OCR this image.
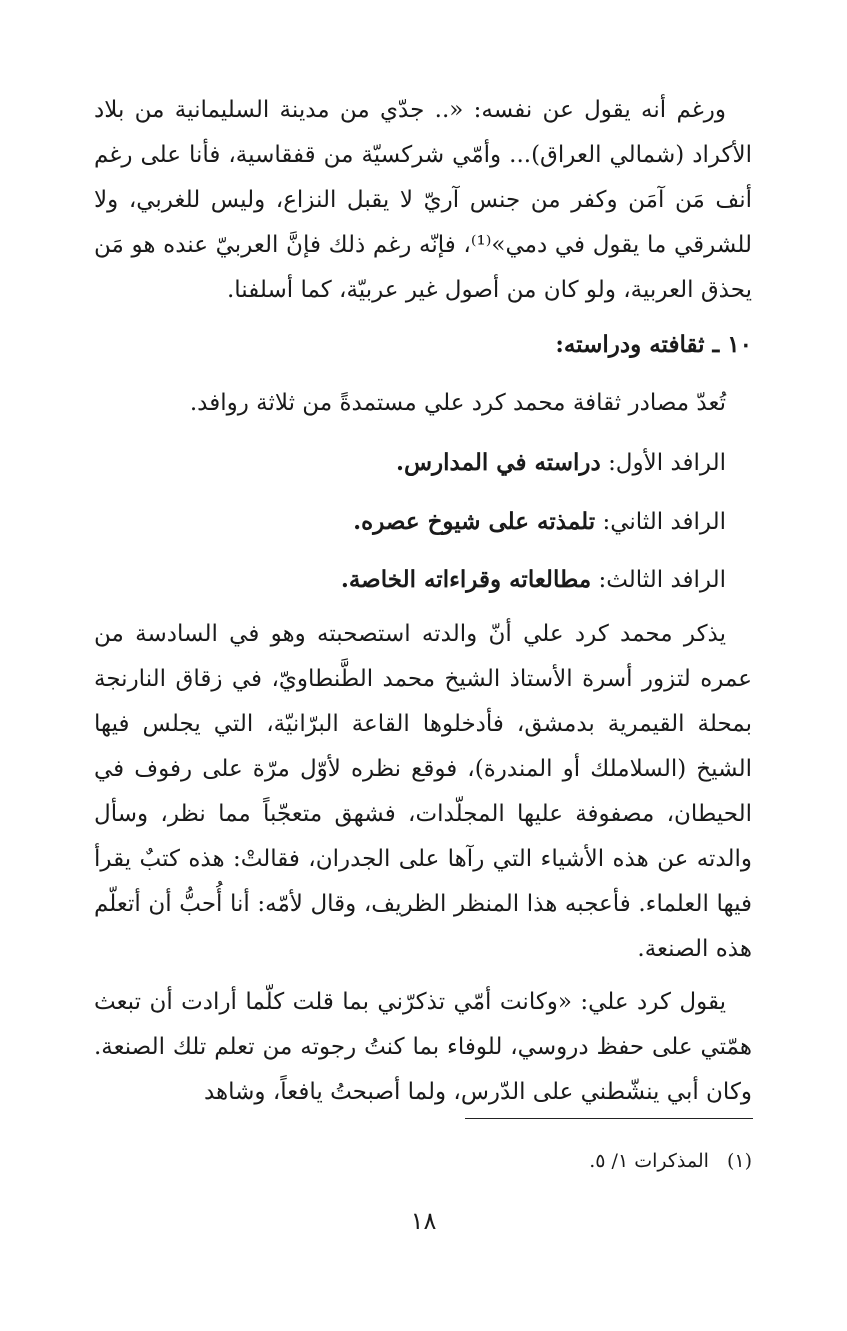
ورغم أنه يقول عن نفسه: «.. جدّي من مدينة السليمانية من بلاد الأكراد (شمالي العراق)... وأمّي شركسيّة من قفقاسية، فأنا على رغم أنف مَن آمَن وكفر من جنس آريّ لا يقبل النزاع، وليس للغربي، ولا للشرقي ما يقول في دمي»⁽¹⁾، فإنّه رغم ذلك فإنَّ العربيّ عنده هو مَن يحذق العربية، ولو كان من أصول غير عربيّة، كما أسلفنا.

١٠ ـ ثقافته ودراسته:

تُعدّ مصادر ثقافة محمد كرد علي مستمدةً من ثلاثة روافد.

الرافد الأول: دراسته في المدارس.

الرافد الثاني: تلمذته على شيوخ عصره.

الرافد الثالث: مطالعاته وقراءاته الخاصة.

يذكر محمد كرد علي أنّ والدته استصحبته وهو في السادسة من عمره لتزور أسرة الأستاذ الشيخ محمد الطَّنطاويّ، في زقاق النارنجة بمحلة القيمرية بدمشق، فأدخلوها القاعة البرّانيّة، التي يجلس فيها الشيخ (السلاملك أو المندرة)، فوقع نظره لأوّل مرّة على رفوف في الحيطان، مصفوفة عليها المجلّدات، فشهق متعجّباً مما نظر، وسأل والدته عن هذه الأشياء التي رآها على الجدران، فقالتْ: هذه كتبٌ يقرأ فيها العلماء. فأعجبه هذا المنظر الظريف، وقال لأمّه: أنا أُحبُّ أن أتعلّم هذه الصنعة.

يقول كرد علي: «وكانت أمّي تذكرّني بما قلت كلّما أرادت أن تبعث همّتي على حفظ دروسي، للوفاء بما كنتُ رجوته من تعلم تلك الصنعة. وكان أبي ينشّطني على الدّرس، ولما أصبحتُ يافعاً، وشاهد

(١)المذكرات ١/ ٥.

١٨
